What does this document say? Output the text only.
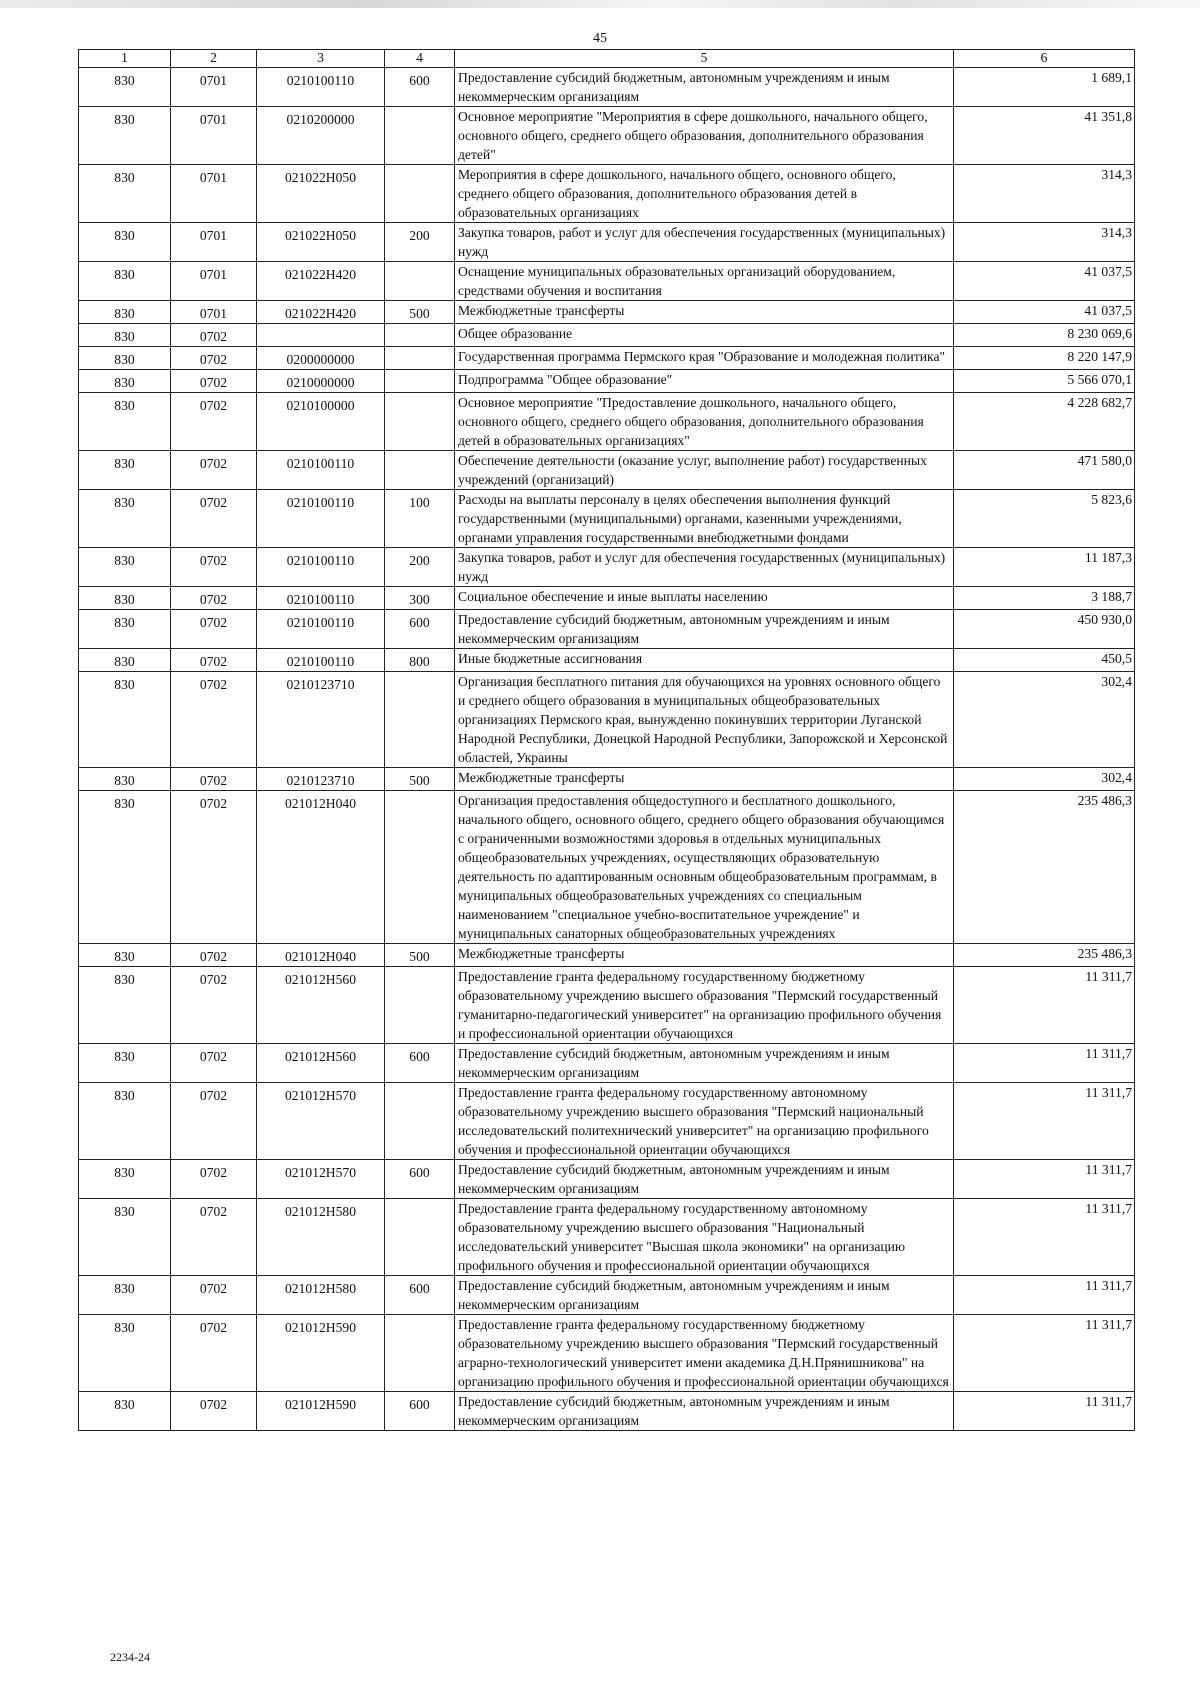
45
1	2	3	4	5	6
830	0701	0210100110	600	Предоставление субсидий бюджетным, автономным учреждениям и иным некоммерческим организациям	1 689,1
830	0701	0210200000		Основное мероприятие "Мероприятия в сфере дошкольного, начального общего, основного общего, среднего общего образования, дополнительного образования детей"	41 351,8
830	0701	021022Н050		Мероприятия в сфере дошкольного, начального общего, основного общего, среднего общего образования, дополнительного образования детей в образовательных организациях	314,3
830	0701	021022Н050	200	Закупка товаров, работ и услуг для обеспечения государственных (муниципальных) нужд	314,3
830	0701	021022Н420		Оснащение муниципальных образовательных организаций оборудованием, средствами обучения и воспитания	41 037,5
830	0701	021022Н420	500	Межбюджетные трансферты	41 037,5
830	0702			Общее образование	8 230 069,6
830	0702	0200000000		Государственная программа Пермского края "Образование и молодежная политика"	8 220 147,9
830	0702	0210000000		Подпрограмма "Общее образование"	5 566 070,1
830	0702	0210100000		Основное мероприятие "Предоставление дошкольного, начального общего, основного общего, среднего общего образования, дополнительного образования детей в образовательных организациях"	4 228 682,7
830	0702	0210100110		Обеспечение деятельности (оказание услуг, выполнение работ) государственных учреждений (организаций)	471 580,0
830	0702	0210100110	100	Расходы на выплаты персоналу в целях обеспечения выполнения функций государственными (муниципальными) органами, казенными учреждениями, органами управления государственными внебюджетными фондами	5 823,6
830	0702	0210100110	200	Закупка товаров, работ и услуг для обеспечения государственных (муниципальных) нужд	11 187,3
830	0702	0210100110	300	Социальное обеспечение и иные выплаты населению	3 188,7
830	0702	0210100110	600	Предоставление субсидий бюджетным, автономным учреждениям и иным некоммерческим организациям	450 930,0
830	0702	0210100110	800	Иные бюджетные ассигнования	450,5
830	0702	0210123710		Организация бесплатного питания для обучающихся на уровнях основного общего и среднего общего образования в муниципальных общеобразовательных организациях Пермского края, вынужденно покинувших территории Луганской Народной Республики, Донецкой Народной Республики, Запорожской и Херсонской областей, Украины	302,4
830	0702	0210123710	500	Межбюджетные трансферты	302,4
830	0702	021012Н040		Организация предоставления общедоступного и бесплатного дошкольного, начального общего, основного общего, среднего общего образования обучающимся с ограниченными возможностями здоровья в отдельных муниципальных общеобразовательных учреждениях, осуществляющих образовательную деятельность по адаптированным основным общеобразовательным программам, в муниципальных общеобразовательных учреждениях со специальным наименованием "специальное учебно-воспитательное учреждение" и муниципальных санаторных общеобразовательных учреждениях	235 486,3
830	0702	021012Н040	500	Межбюджетные трансферты	235 486,3
830	0702	021012Н560		Предоставление гранта федеральному государственному бюджетному образовательному учреждению высшего образования "Пермский государственный гуманитарно-педагогический университет" на организацию профильного обучения и профессиональной ориентации обучающихся	11 311,7
830	0702	021012Н560	600	Предоставление субсидий бюджетным, автономным учреждениям и иным некоммерческим организациям	11 311,7
830	0702	021012Н570		Предоставление гранта федеральному государственному автономному образовательному учреждению высшего образования "Пермский национальный исследовательский политехнический университет" на организацию профильного обучения и профессиональной ориентации обучающихся	11 311,7
830	0702	021012Н570	600	Предоставление субсидий бюджетным, автономным учреждениям и иным некоммерческим организациям	11 311,7
830	0702	021012Н580		Предоставление гранта федеральному государственному автономному образовательному учреждению высшего образования "Национальный исследовательский университет "Высшая школа экономики" на организацию профильного обучения и профессиональной ориентации обучающихся	11 311,7
830	0702	021012Н580	600	Предоставление субсидий бюджетным, автономным учреждениям и иным некоммерческим организациям	11 311,7
830	0702	021012Н590		Предоставление гранта федеральному государственному бюджетному образовательному учреждению высшего образования "Пермский государственный аграрно-технологический университет имени академика Д.Н.Прянишникова" на организацию профильного обучения и профессиональной ориентации обучающихся	11 311,7
830	0702	021012Н590	600	Предоставление субсидий бюджетным, автономным учреждениям и иным некоммерческим организациям	11 311,7
2234-24
